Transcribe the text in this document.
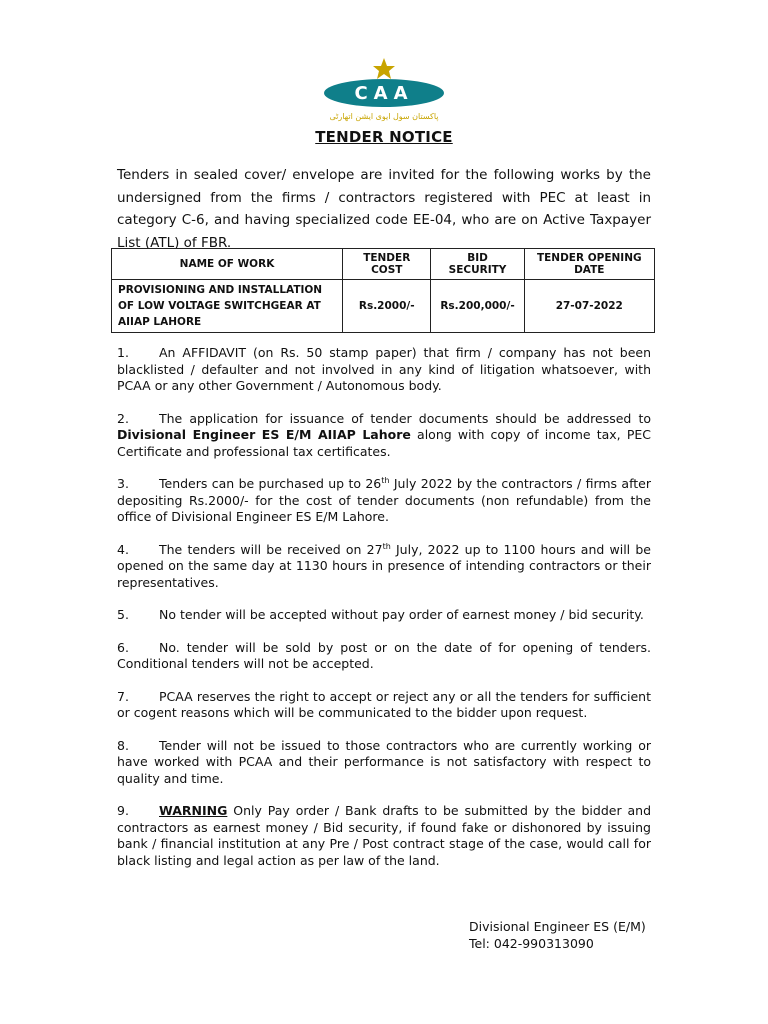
CAA
پاکستان سول ایوی ایشن اتھارٹی
TENDER NOTICE
Tenders in sealed cover/ envelope are invited for the following works by the undersigned from the firms / contractors registered with PEC at least in category C-6, and having specialized code EE-04, who are on Active Taxpayer List (ATL) of FBR.
NAME OF WORK	TENDER COST	BID SECURITY	TENDER OPENING DATE
PROVISIONING AND INSTALLATION OF LOW VOLTAGE SWITCHGEAR AT AIIAP LAHORE	Rs.2000/-	Rs.200,000/-	27-07-2022

1. An AFFIDAVIT (on Rs. 50 stamp paper) that firm / company has not been blacklisted / defaulter and not involved in any kind of litigation whatsoever, with PCAA or any other Government / Autonomous body.

2. The application for issuance of tender documents should be addressed to Divisional Engineer ES E/M AIIAP Lahore along with copy of income tax, PEC Certificate and professional tax certificates.

3. Tenders can be purchased up to 26th July 2022 by the contractors / firms after depositing Rs.2000/- for the cost of tender documents (non refundable) from the office of Divisional Engineer ES E/M Lahore.

4. The tenders will be received on 27th July, 2022 up to 1100 hours and will be opened on the same day at 1130 hours in presence of intending contractors or their representatives.

5. No tender will be accepted without pay order of earnest money / bid security.

6. No. tender will be sold by post or on the date of for opening of tenders. Conditional tenders will not be accepted.

7. PCAA reserves the right to accept or reject any or all the tenders for sufficient or cogent reasons which will be communicated to the bidder upon request.

8. Tender will not be issued to those contractors who are currently working or have worked with PCAA and their performance is not satisfactory with respect to quality and time.

9. WARNING Only Pay order / Bank drafts to be submitted by the bidder and contractors as earnest money / Bid security, if found fake or dishonored by issuing bank / financial institution at any Pre / Post contract stage of the case, would call for black listing and legal action as per law of the land.

Divisional Engineer ES (E/M)
Tel: 042-990313090
